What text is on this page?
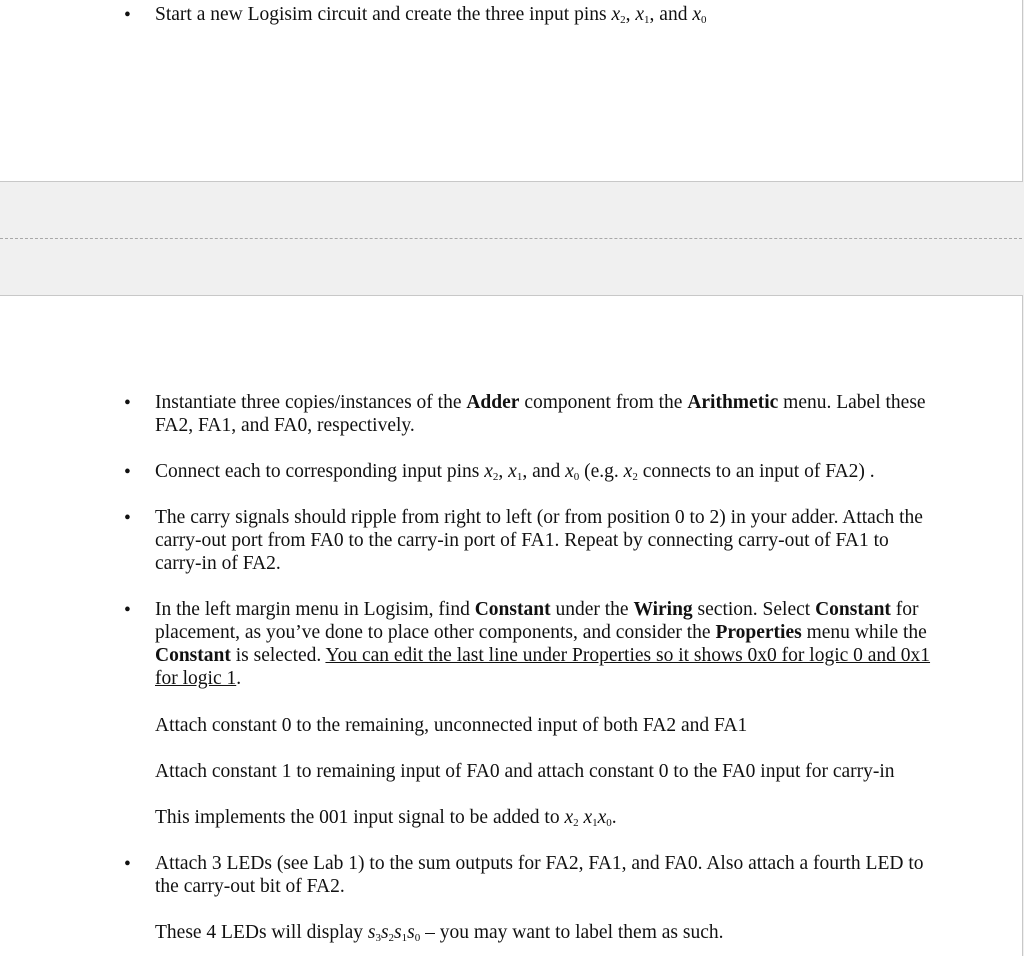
• Start a new Logisim circuit and create the three input pins $x_2$, $x_1$, and $x_0$
• Instantiate three copies/instances of the Adder component from the Arithmetic menu. Label these FA2, FA1, and FA0, respectively.
• Connect each to corresponding input pins $x_2$, $x_1$, and $x_0$ (e.g. $x_2$ connects to an input of FA2) .
• The carry signals should ripple from right to left (or from position 0 to 2) in your adder. Attach the carry-out port from FA0 to the carry-in port of FA1. Repeat by connecting carry-out of FA1 to carry-in of FA2.
• In the left margin menu in Logisim, find Constant under the Wiring section. Select Constant for placement, as you’ve done to place other components, and consider the Properties menu while the Constant is selected. You can edit the last line under Properties so it shows 0x0 for logic 0 and 0x1 for logic 1.
Attach constant 0 to the remaining, unconnected input of both FA2 and FA1
Attach constant 1 to remaining input of FA0 and attach constant 0 to the FA0 input for carry-in
This implements the 001 input signal to be added to $x_2$ $x_1x_0$.
• Attach 3 LEDs (see Lab 1) to the sum outputs for FA2, FA1, and FA0. Also attach a fourth LED to the carry-out bit of FA2.
These 4 LEDs will display $s_3s_2s_1s_0$ – you may want to label them as such.
